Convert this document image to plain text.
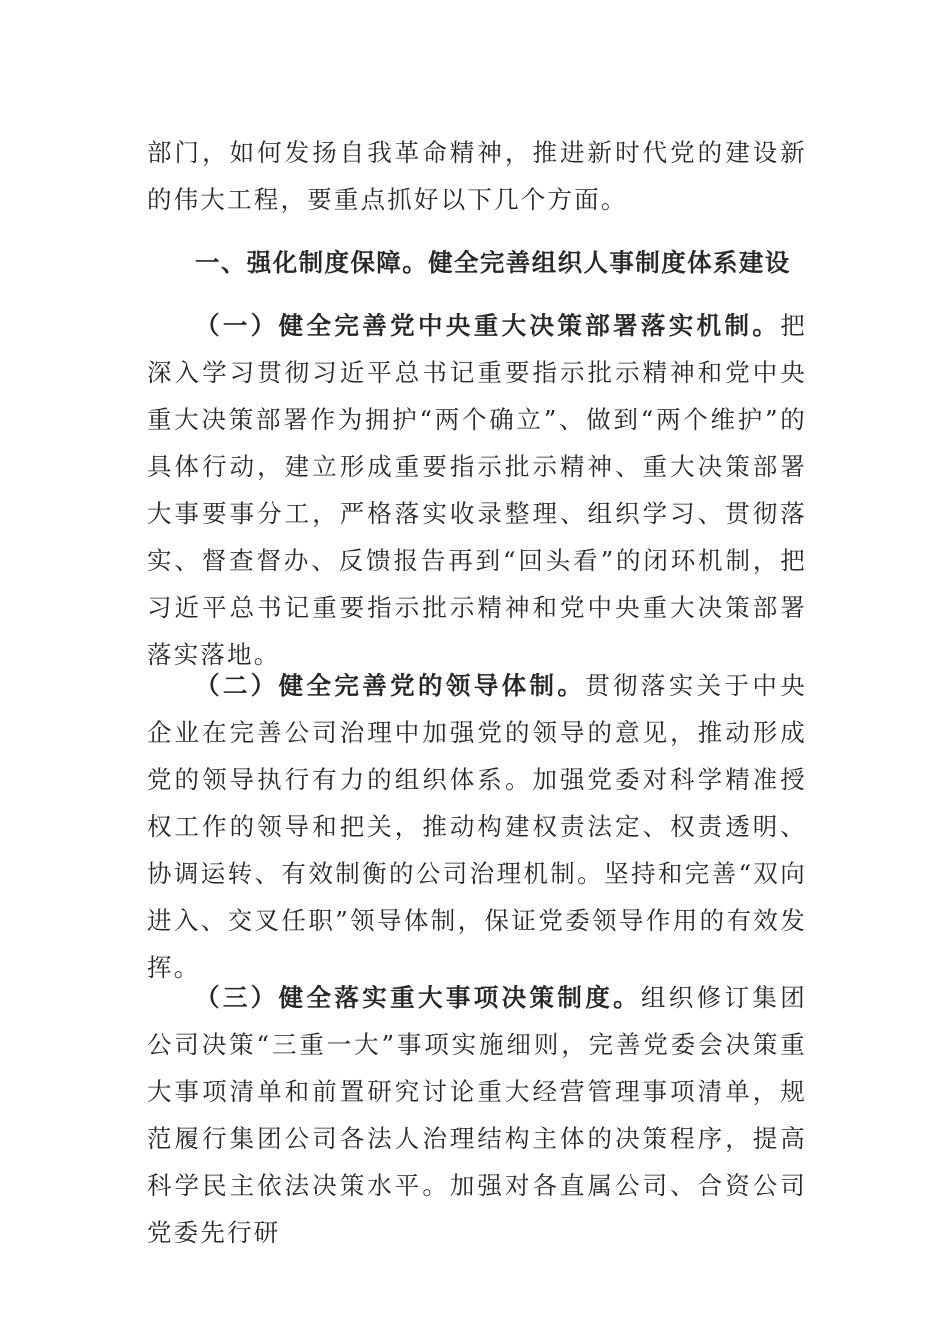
部门，如何发扬自我革命精神，推进新时代党的建设新的伟大工程，要重点抓好以下几个方面。

一、强化制度保障。健全完善组织人事制度体系建设

（一）健全完善党中央重大决策部署落实机制。把深入学习贯彻习近平总书记重要指示批示精神和党中央重大决策部署作为拥护“两个确立”、做到“两个维护”的具体行动，建立形成重要指示批示精神、重大决策部署大事要事分工，严格落实收录整理、组织学习、贯彻落实、督查督办、反馈报告再到“回头看”的闭环机制，把习近平总书记重要指示批示精神和党中央重大决策部署落实落地。

（二）健全完善党的领导体制。贯彻落实关于中央企业在完善公司治理中加强党的领导的意见，推动形成党的领导执行有力的组织体系。加强党委对科学精准授权工作的领导和把关，推动构建权责法定、权责透明、协调运转、有效制衡的公司治理机制。坚持和完善“双向进入、交叉任职”领导体制，保证党委领导作用的有效发挥。

（三）健全落实重大事项决策制度。组织修订集团公司决策“三重一大”事项实施细则，完善党委会决策重大事项清单和前置研究讨论重大经营管理事项清单，规范履行集团公司各法人治理结构主体的决策程序，提高科学民主依法决策水平。加强对各直属公司、合资公司党委先行研
